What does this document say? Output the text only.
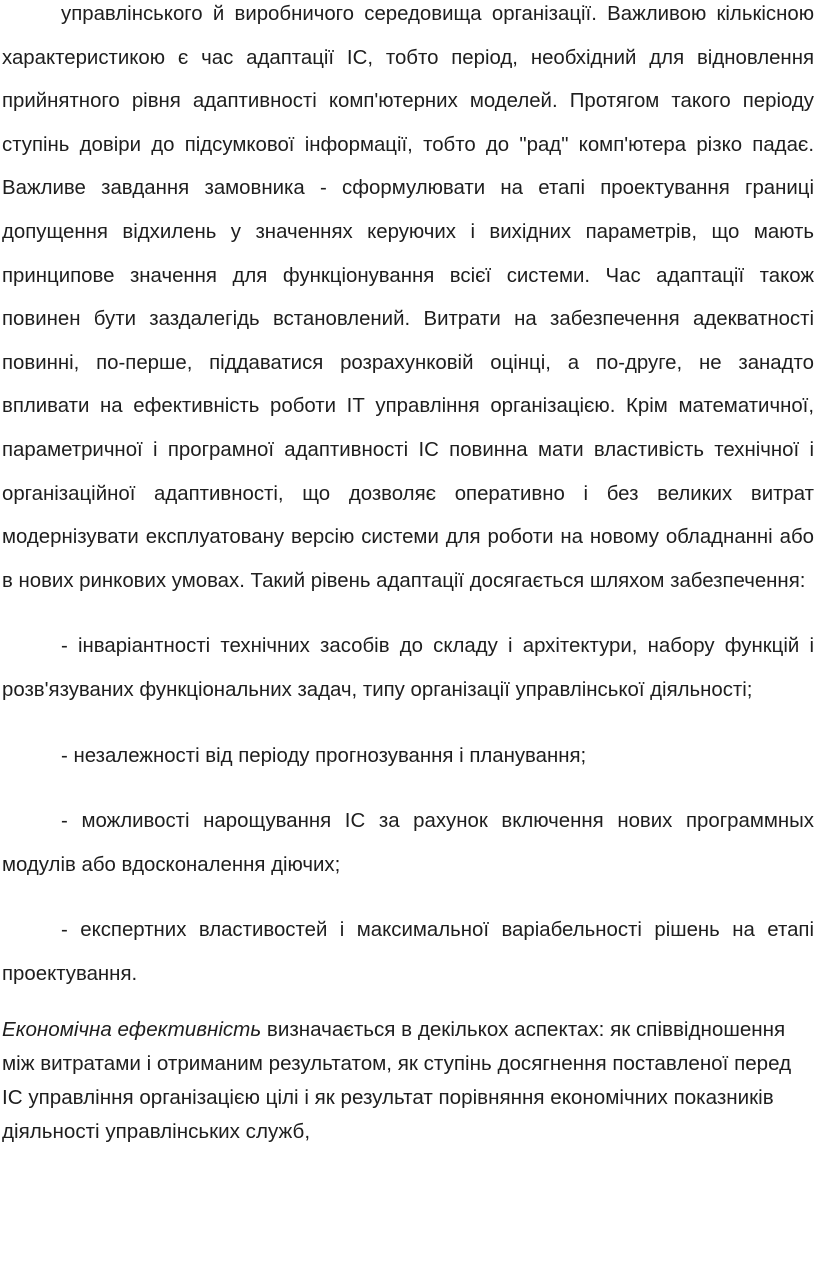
управлінського й виробничого середовища організації. Важливою кількісною характеристикою є час адаптації ІС, тобто період, необхідний для відновлення прийнятного рівня адаптивності комп'ютерних моделей. Протягом такого періоду ступінь довіри до підсумкової інформації, тобто до "рад" комп'ютера різко падає. Важливе завдання замовника - сформулювати на етапі проектування границі допущення відхилень у значеннях керуючих і вихідних параметрів, що мають принципове значення для функціонування всієї системи. Час адаптації також повинен бути заздалегідь встановлений. Витрати на забезпечення адекватності повинні, по-перше, піддаватися розрахунковій оцінці, а по-друге, не занадто впливати на ефективність роботи ІТ управління організацією. Крім математичної, параметричної і програмної адаптивності ІС повинна мати властивість технічної і організаційної адаптивності, що дозволяє оперативно і без великих витрат модернізувати експлуатовану версію системи для роботи на новому обладнанні або в нових ринкових умовах. Такий рівень адаптації досягається шляхом забезпечення:

- інваріантності технічних засобів до складу і архітектури, набору функцій і розв'язуваних функціональних задач, типу організації управлінської діяльності;

- незалежності від періоду прогнозування і планування;

- можливості нарощування ІС за рахунок включення нових программных модулів або вдосконалення діючих;

- експертних властивостей і максимальної варіабельності рішень на етапі проектування.

Економічна ефективність визначається в декількох аспектах: як співвідношення між витратами і отриманим результатом, як ступінь досягнення поставленої перед ІС управління організацією цілі і як результат порівняння економічних показників діяльності управлінських служб,
